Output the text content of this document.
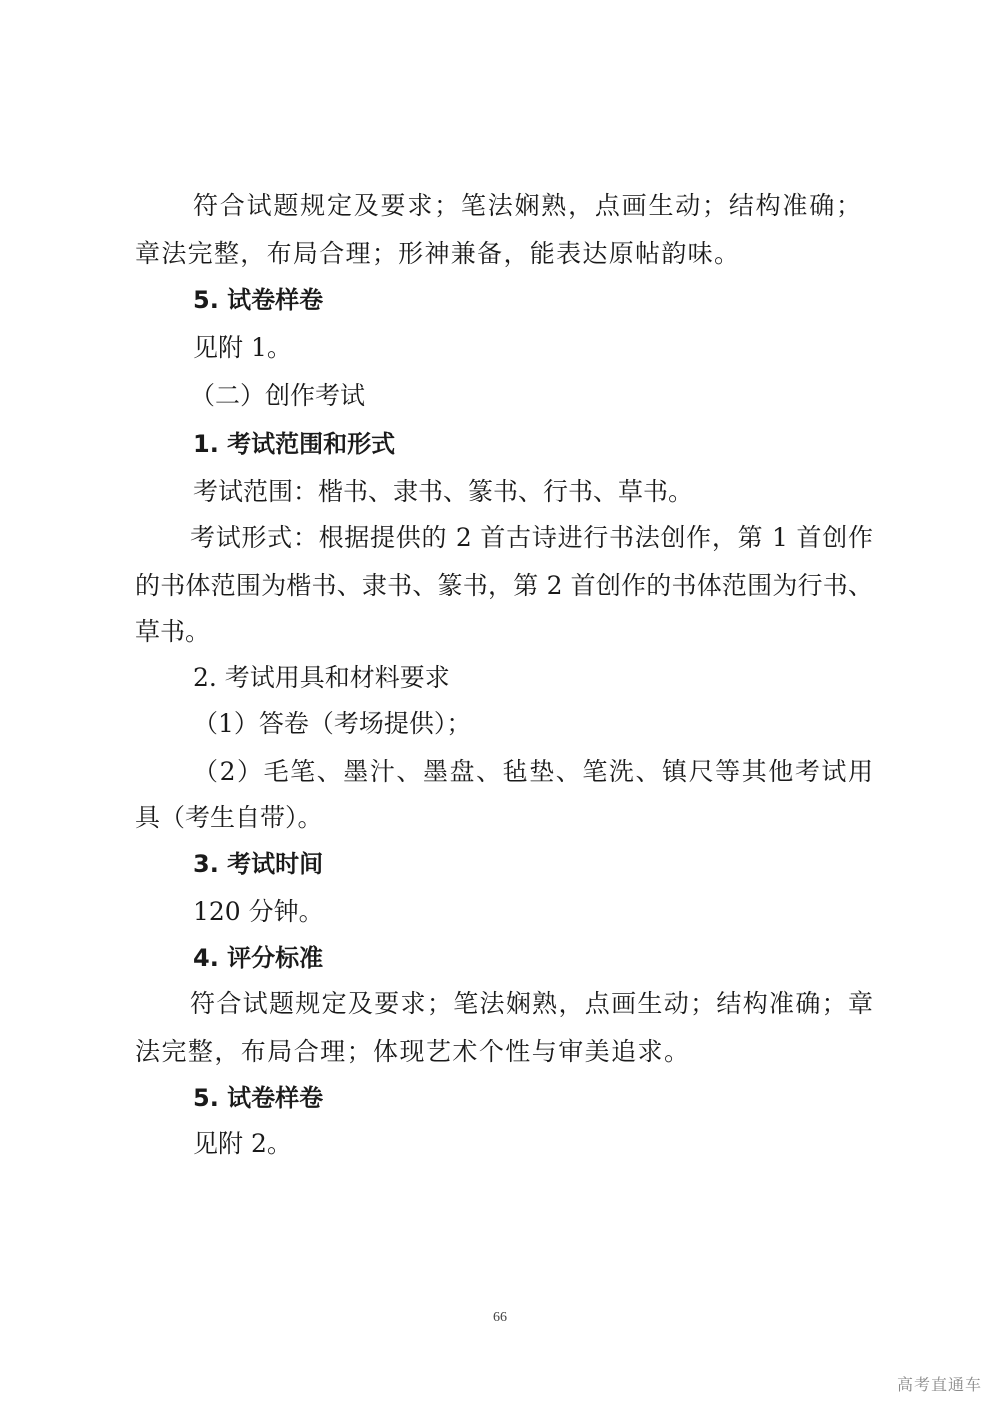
符合试题规定及要求；笔法娴熟，点画生动；结构准确；
章法完整，布局合理；形神兼备，能表达原帖韵味。
5. 试卷样卷
见附 1。
（二）创作考试
1. 考试范围和形式
考试范围：楷书、隶书、篆书、行书、草书。
考试形式：根据提供的 2 首古诗进行书法创作，第 1 首创作
的书体范围为楷书、隶书、篆书，第 2 首创作的书体范围为行书、
草书。
2. 考试用具和材料要求
（1）答卷（考场提供）；
（2）毛笔、墨汁、墨盘、毡垫、笔洗、镇尺等其他考试用
具（考生自带）。
3. 考试时间
120 分钟。
4. 评分标准
符合试题规定及要求；笔法娴熟，点画生动；结构准确；章
法完整，布局合理；体现艺术个性与审美追求。
5. 试卷样卷
见附 2。
66
高考直通车
